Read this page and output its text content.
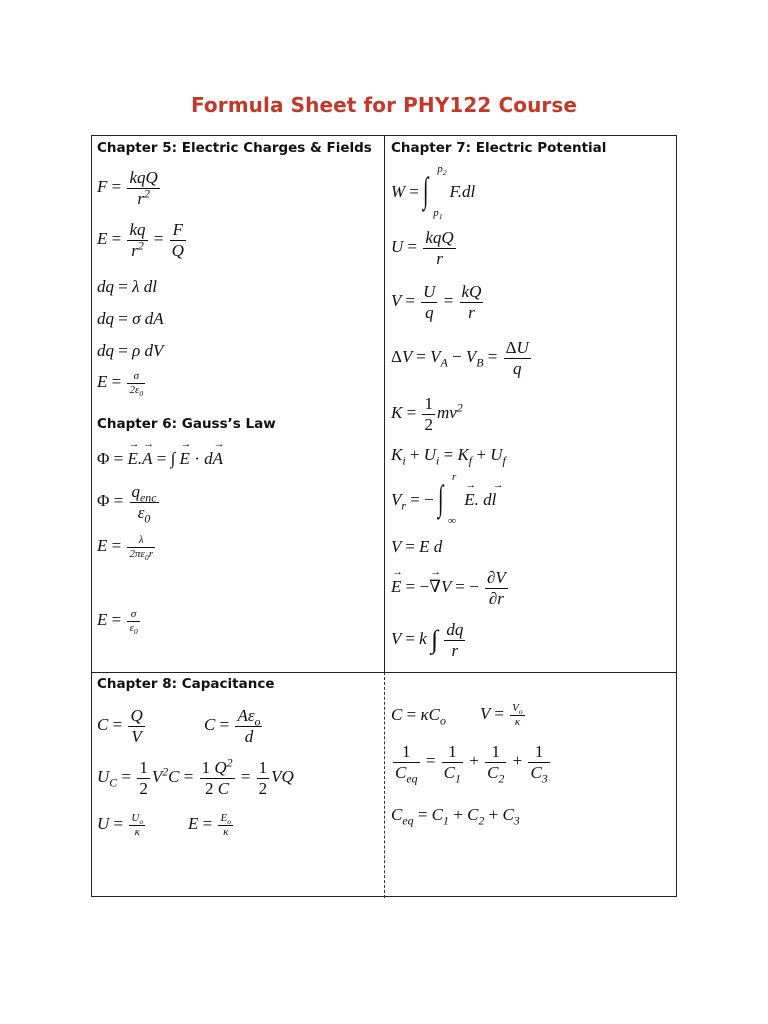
Formula Sheet for PHY122 Course
Chapter 5: Electric Charges & Fields
$F = \frac{\text{kqQ}}{r^2}$
$E = \frac{kq}{r^2} = \frac{F}{Q}$
dq = λ dl
dq = σ dA
dq = ρ dV
$E = \frac{\sigma}{2\varepsilon_0}$
Chapter 6: Gauss’s Law
Φ = → E.→ A = ∫ → E · d→ A
$\Phi = \frac{q_{enc}}{\varepsilon_0}$
$E = \frac{\lambda}{2\pi\varepsilon_0r}$
$E = \frac{\sigma}{\varepsilon_0}$
Chapter 7: Electric Potential
W = ∫
$p_2$
$p_1$
F.dl
$U = \frac{\text{kqQ}}{r}$
$V = \frac{U}{q} = \frac{kQ}{r}$
$\Delta V = V_A - V_B = \frac{\Delta U}{q}$
$K = \frac{1}{2} mv^2$
$K_i + U_i = K_f + U_f$
$V_r$ = − ∫
r
∞
→ E. d→ l
V = E d
→ E = −→ ∇V = − $\frac{\partial V}{\partial r}$
V = k ∫ $\frac{dq}{r}$
Chapter 8: Capacitance
$C = \frac{Q}{V}$	$C = \frac{A\varepsilon_o}{d}$
$U_C = \frac{1}{2} V^2C = \frac{1 Q^2}{2 C} = \frac{1}{2}$ VQ
$U = \frac{U_o}{\kappa}$	$E = \frac{E_o}{\kappa}$
$C = \kappa C_o$ $V = \frac{V_o}{\kappa}$
$\frac{1}{C_{eq}} = \frac{1}{C_1} + \frac{1}{C_2} + \frac{1}{C_3}$
$C_{eq} = C_1 + C_2 + C_3$
